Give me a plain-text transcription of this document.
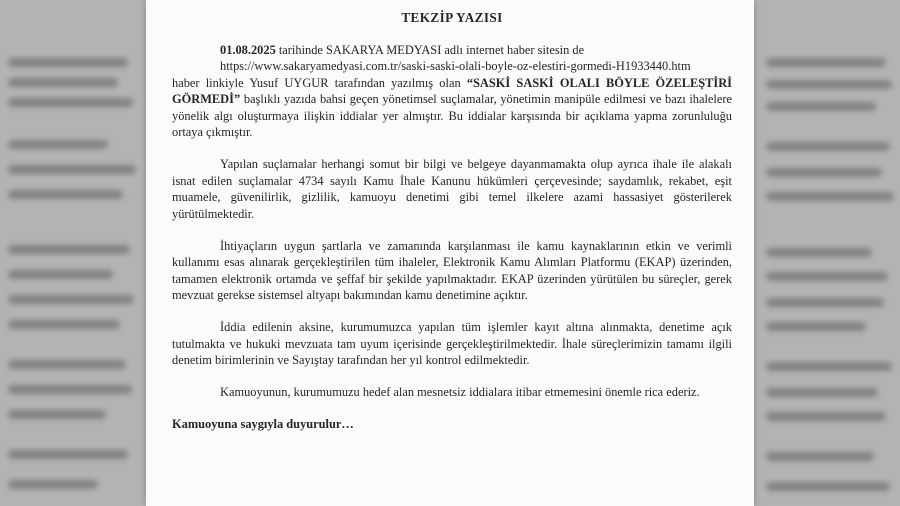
TEKZİP YAZISI

01.08.2025 tarihinde SAKARYA MEDYASI adlı internet haber sitesin de
https://www.sakaryamedyasi.com.tr/saski-saski-olali-boyle-oz-elestiri-gormedi-H1933440.htm
haber linkiyle Yusuf UYGUR tarafından yazılmış olan “SASKİ SASKİ OLALI BÖYLE ÖZELEŞTİRİ GÖRMEDİ” başlıklı yazıda bahsi geçen yönetimsel suçlamalar, yönetimin manipüle edilmesi ve bazı ihalelere yönelik algı oluşturmaya ilişkin iddialar yer almıştır. Bu iddialar karşısında bir açıklama yapma zorunluluğu ortaya çıkmıştır.

Yapılan suçlamalar herhangi somut bir bilgi ve belgeye dayanmamakta olup ayrıca ihale ile alakalı isnat edilen suçlamalar 4734 sayılı Kamu İhale Kanunu hükümleri çerçevesinde; saydamlık, rekabet, eşit muamele, güvenilirlik, gizlilik, kamuoyu denetimi gibi temel ilkelere azami hassasiyet gösterilerek yürütülmektedir.

İhtiyaçların uygun şartlarla ve zamanında karşılanması ile kamu kaynaklarının etkin ve verimli kullanımı esas alınarak gerçekleştirilen tüm ihaleler, Elektronik Kamu Alımları Platformu (EKAP) üzerinden, tamamen elektronik ortamda ve şeffaf bir şekilde yapılmaktadır. EKAP üzerinden yürütülen bu süreçler, gerek mevzuat gerekse sistemsel altyapı bakımından kamu denetimine açıktır.

İddia edilenin aksine, kurumumuzca yapılan tüm işlemler kayıt altına alınmakta, denetime açık tutulmakta ve hukuki mevzuata tam uyum içerisinde gerçekleştirilmektedir. İhale süreçlerimizin tamamı ilgili denetim birimlerinin ve Sayıştay tarafından her yıl kontrol edilmektedir.

Kamuoyunun, kurumumuzu hedef alan mesnetsiz iddialara itibar etmemesini önemle rica ederiz.

Kamuoyuna saygıyla duyurulur…
